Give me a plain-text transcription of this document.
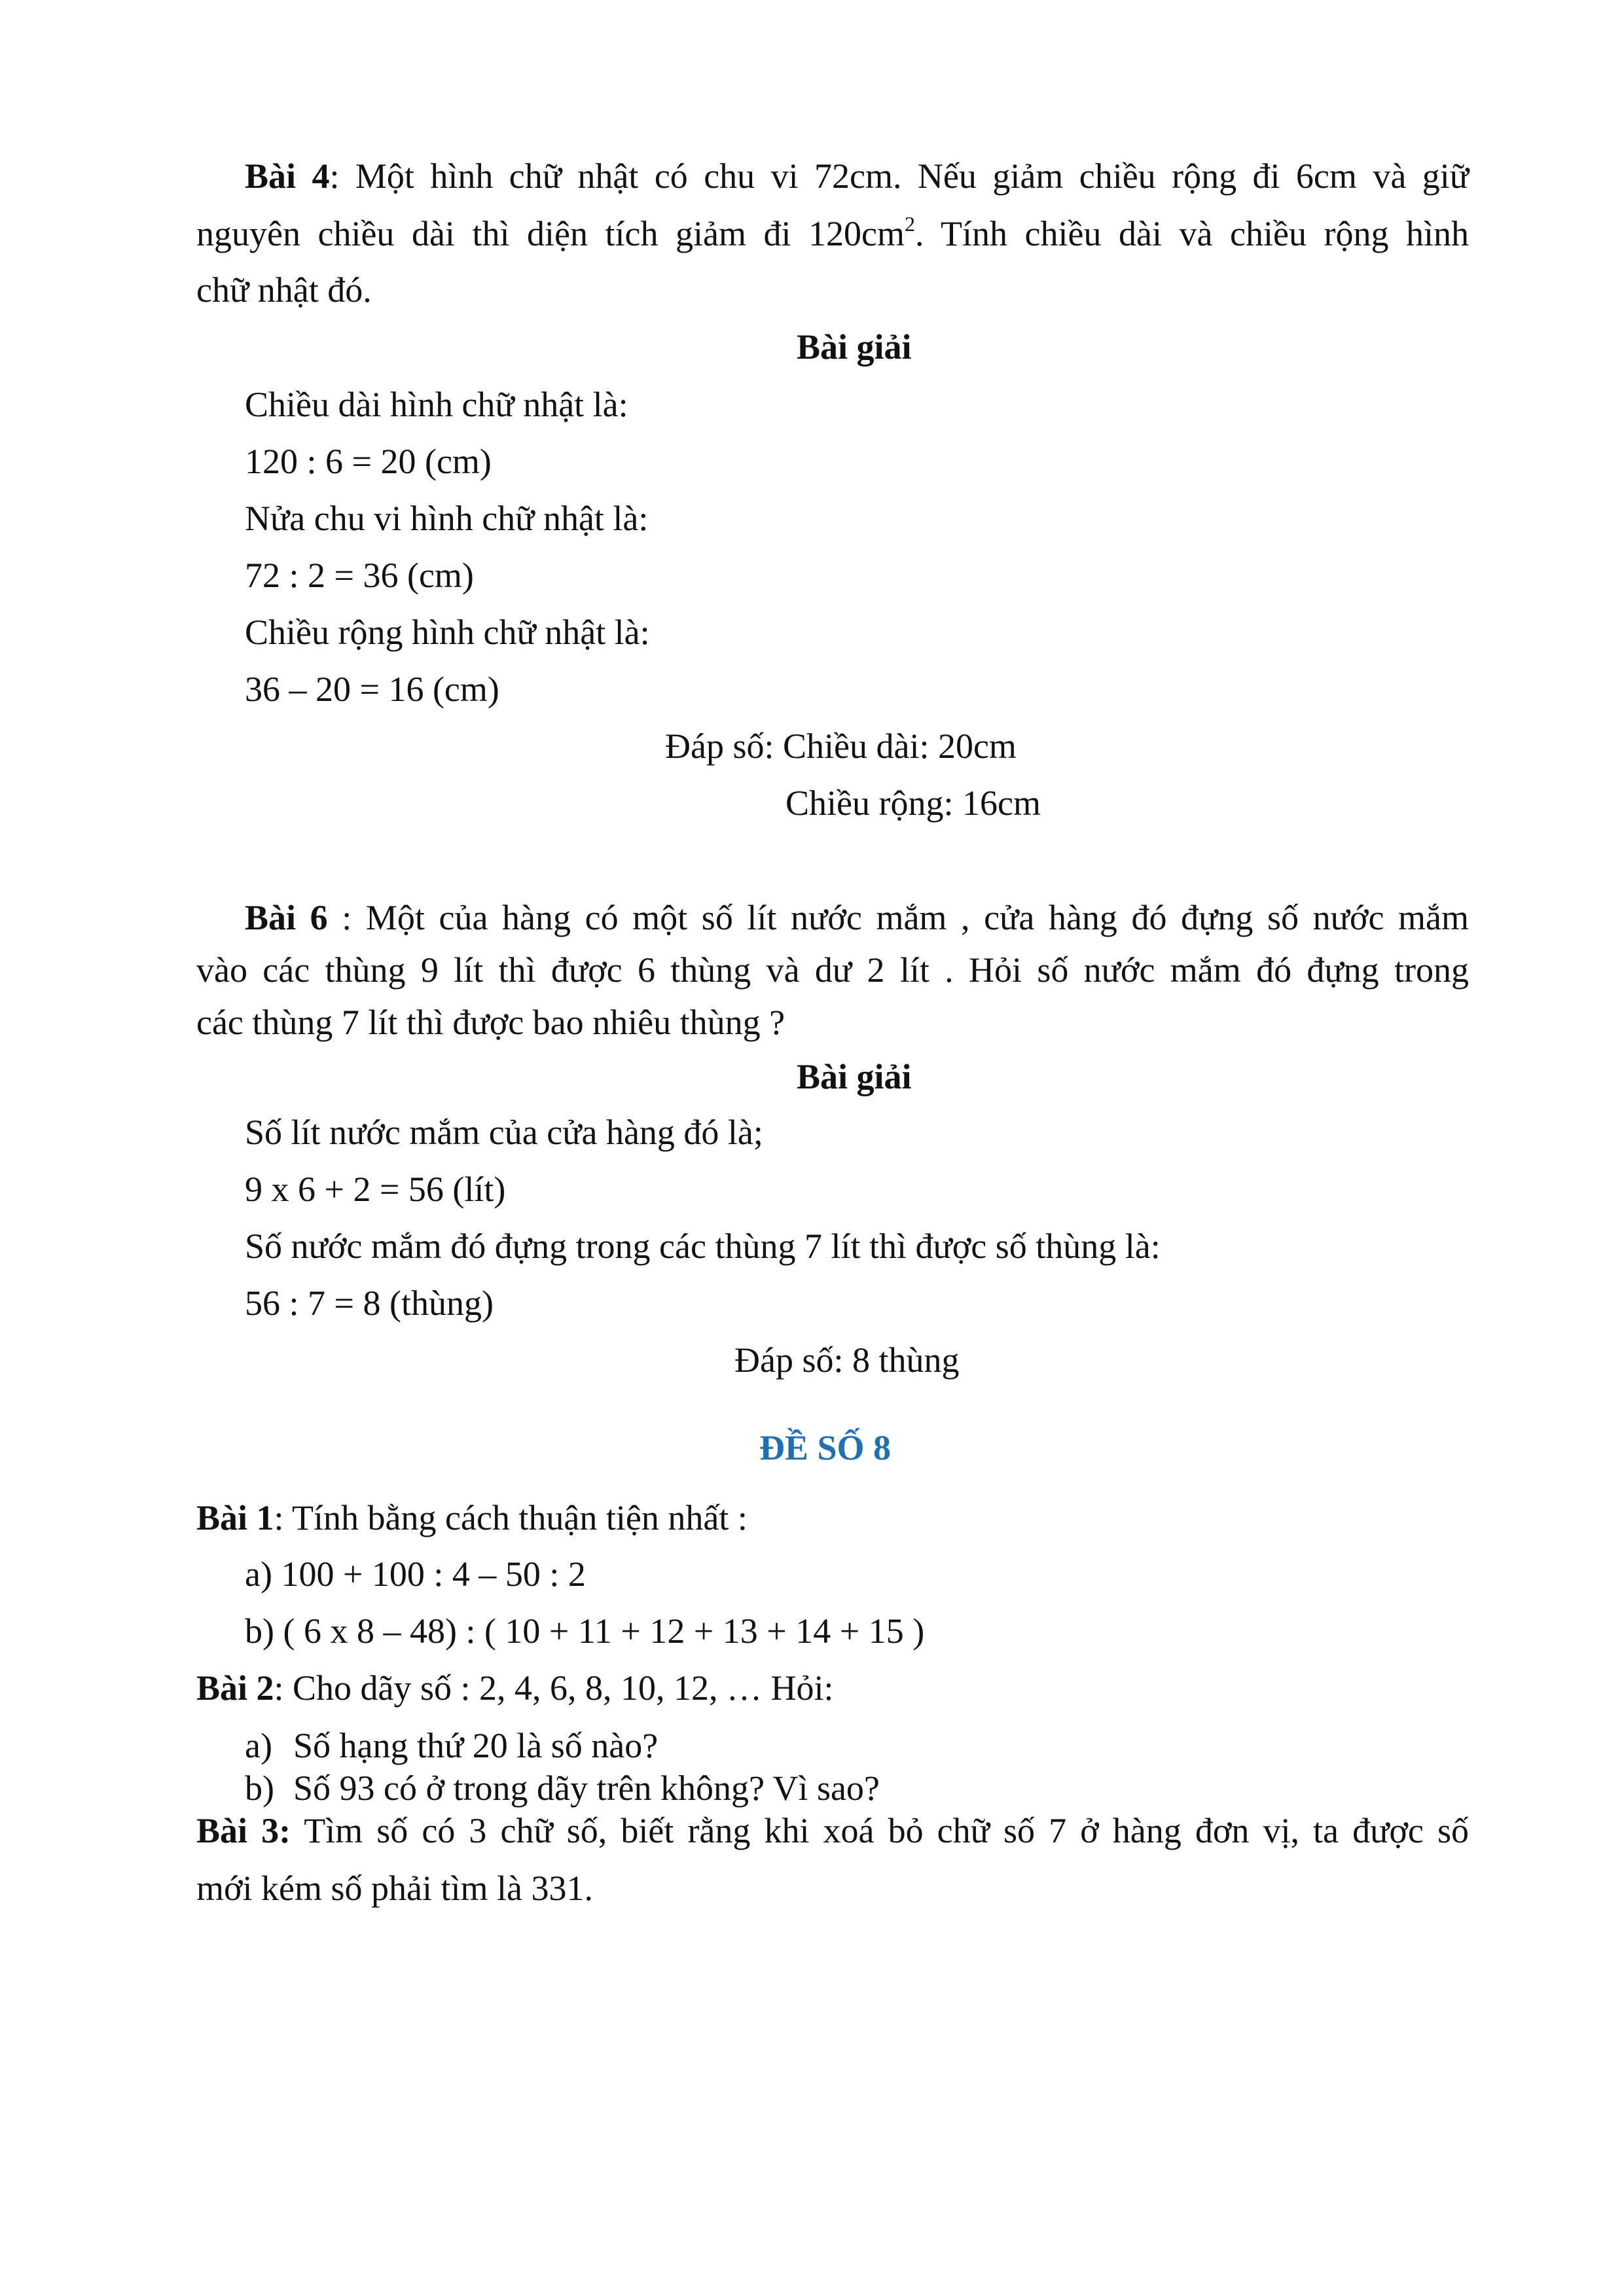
Bài 4: Một hình chữ nhật có chu vi 72cm. Nếu giảm chiều rộng đi 6cm và giữ
nguyên chiều dài thì diện tích giảm đi $120cm^2$. Tính chiều dài và chiều rộng hình
chữ nhật đó.
Bài giải
Chiều dài hình chữ nhật là:
120 : 6 = 20 (cm)
Nửa chu vi hình chữ nhật là:
72 : 2 = 36 (cm)
Chiều rộng hình chữ nhật là:
36 – 20 = 16 (cm)
Đáp số: Chiều dài: 20cm
Chiều rộng: 16cm
Bài 6 : Một của hàng có một số lít nước mắm , cửa hàng đó đựng số nước mắm
vào các thùng 9 lít thì được 6 thùng và dư 2 lít . Hỏi số nước mắm đó đựng trong
các thùng 7 lít thì được bao nhiêu thùng ?
Bài giải
Số lít nước mắm của cửa hàng đó là;
9 x 6 + 2 = 56 (lít)
Số nước mắm đó đựng trong các thùng 7 lít thì được số thùng là:
56 : 7 = 8 (thùng)
Đáp số: 8 thùng
ĐỀ SỐ 8
Bài 1: Tính bằng cách thuận tiện nhất :
a) 100 + 100 : 4 – 50 : 2
b) ( 6 x 8 – 48) : ( 10 + 11 + 12 + 13 + 14 + 15 )
Bài 2: Cho dãy số : 2, 4, 6, 8, 10, 12, … Hỏi:
a) Số hạng thứ 20 là số nào?
b) Số 93 có ở trong dãy trên không? Vì sao?
Bài 3: Tìm số có 3 chữ số, biết rằng khi xoá bỏ chữ số 7 ở hàng đơn vị, ta được số
mới kém số phải tìm là 331.
